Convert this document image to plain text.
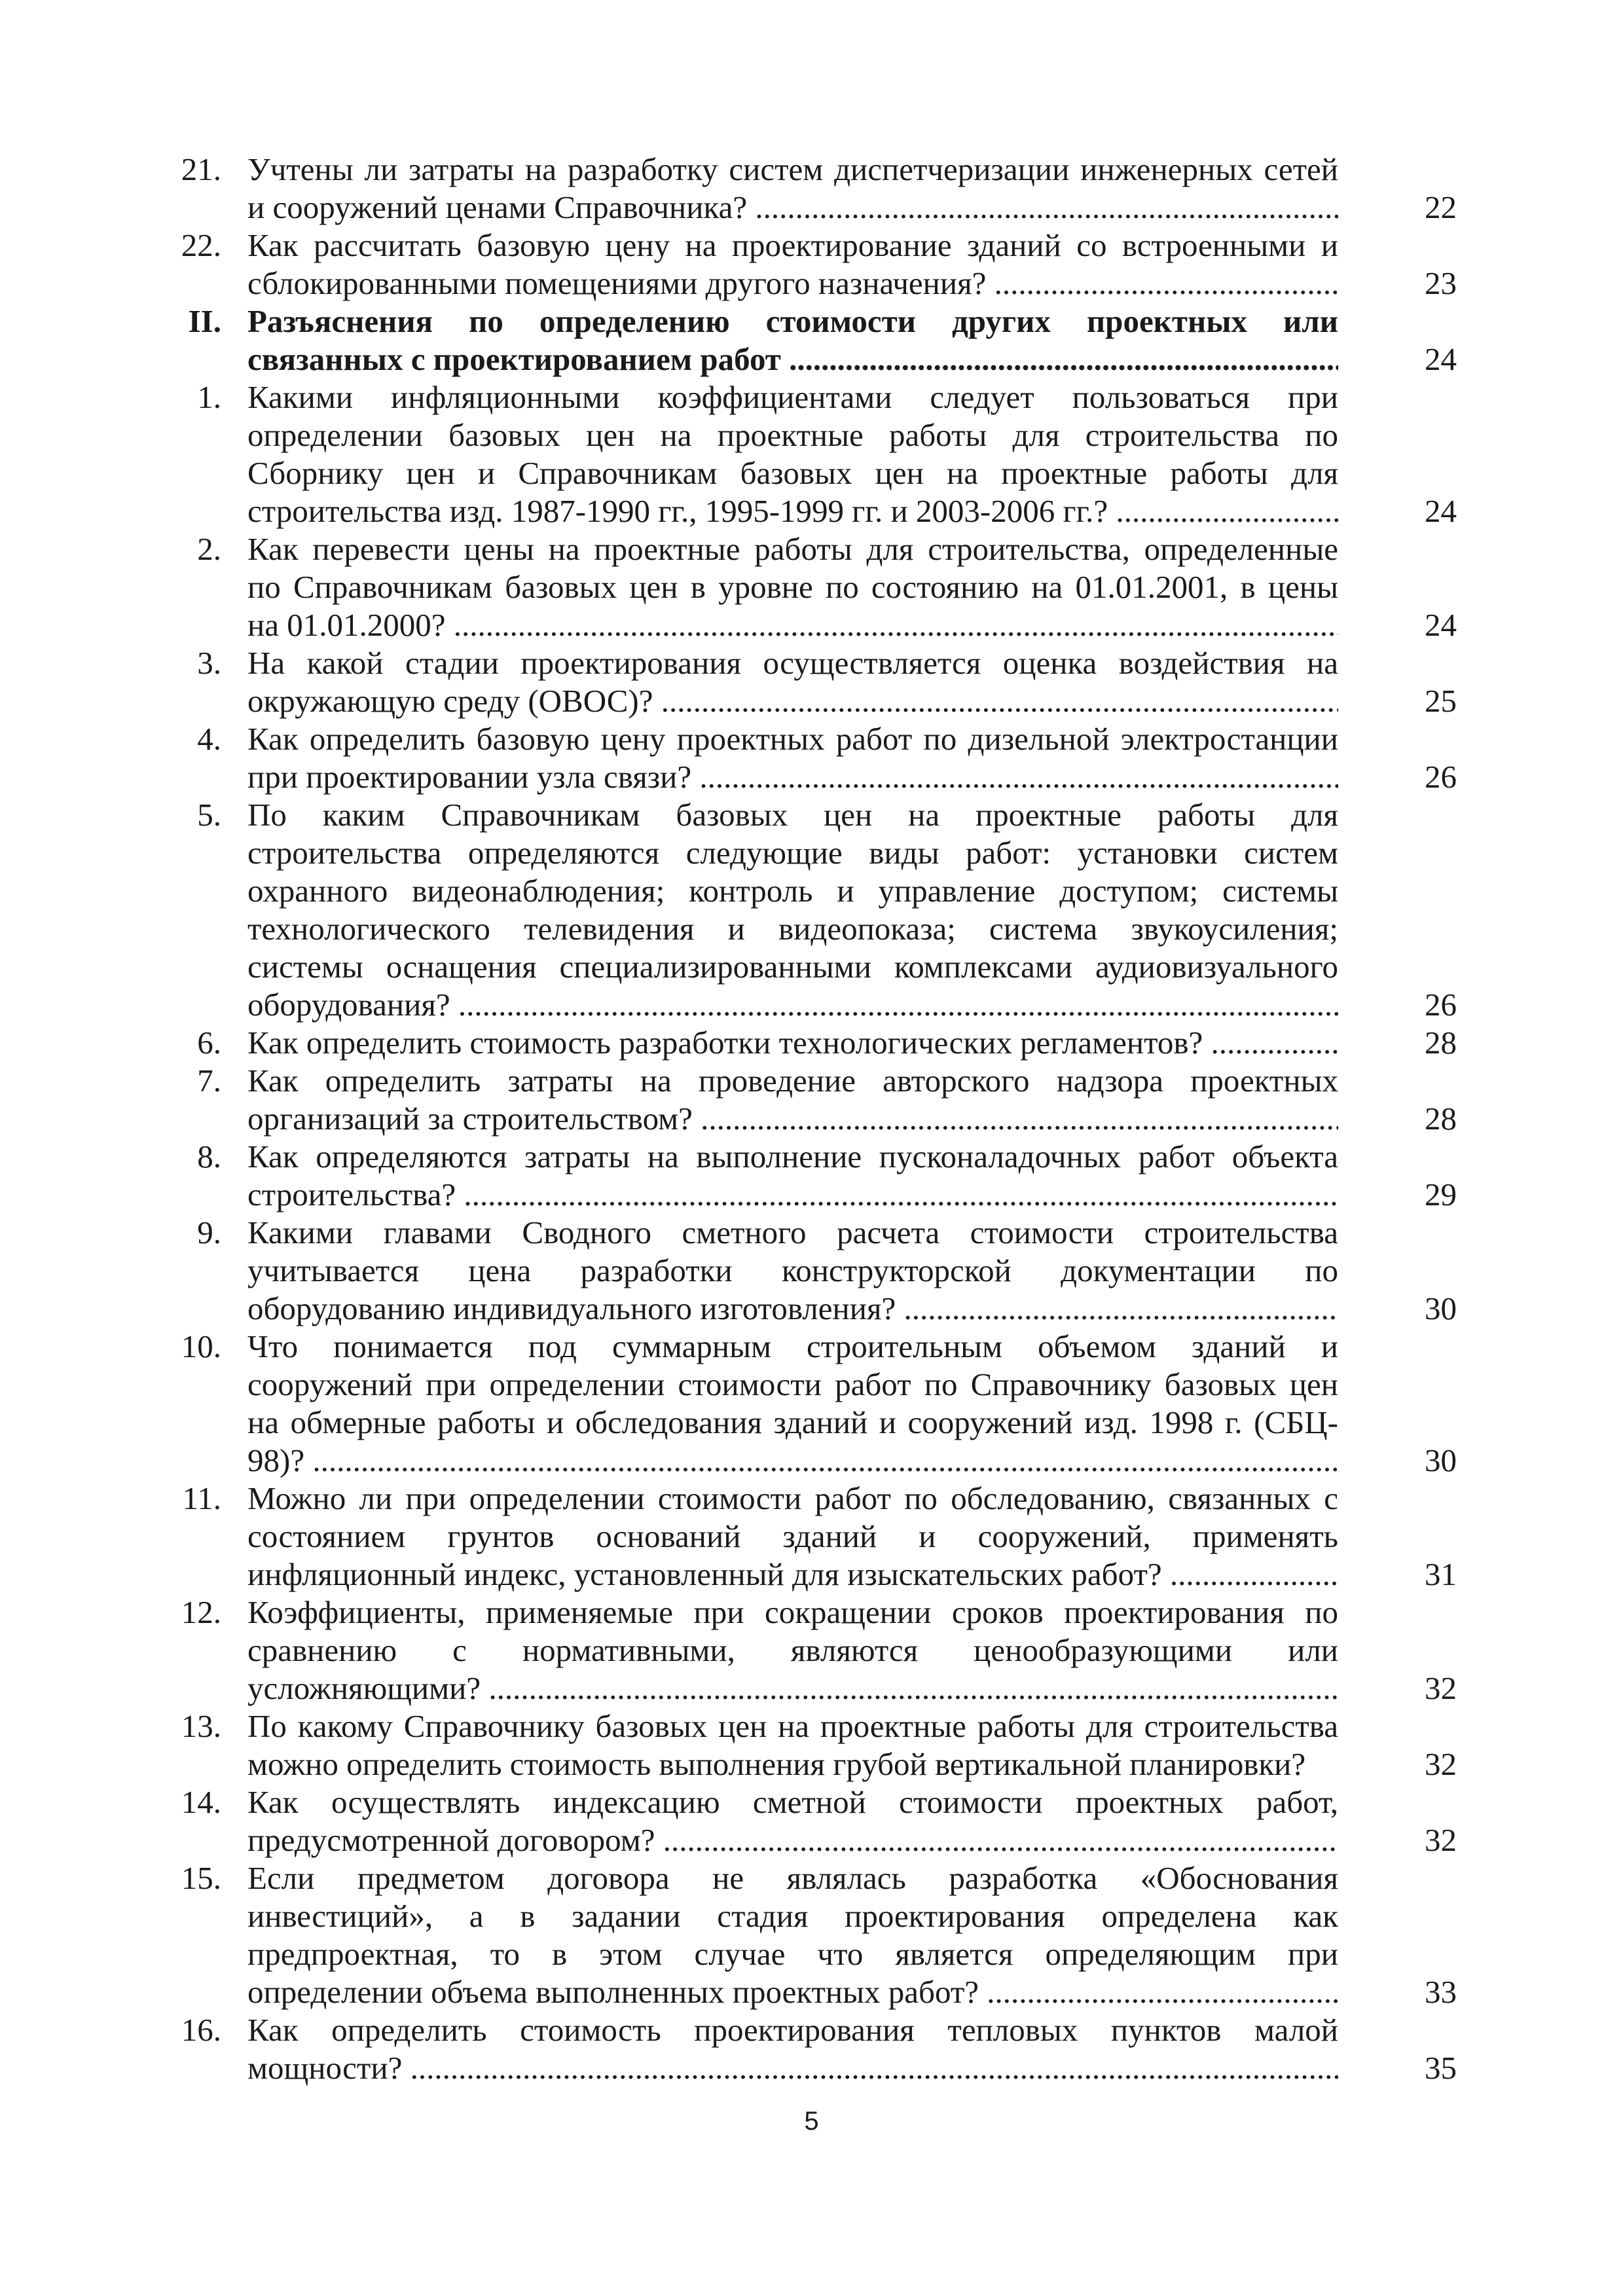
21. Учтены ли затраты на разработку систем диспетчеризации инженерных сетей
и сооружений ценами Справочника? .....	22
22. Как рассчитать базовую цену на проектирование зданий со встроенными и
сблокированными помещениями другого назначения? .....	23
II. Разъяснения по определению стоимости других проектных или
связанных с проектированием работ .....	24
1. Какими инфляционными коэффициентами следует пользоваться при
определении базовых цен на проектные работы для строительства по
Сборнику цен и Справочникам базовых цен на проектные работы для
строительства изд. 1987-1990 гг., 1995-1999 гг. и 2003-2006 гг.? .....	24
2. Как перевести цены на проектные работы для строительства, определенные
по Справочникам базовых цен в уровне по состоянию на 01.01.2001, в цены
на 01.01.2000? .....	24
3. На какой стадии проектирования осуществляется оценка воздействия на
окружающую среду (ОВОС)? .....	25
4. Как определить базовую цену проектных работ по дизельной электростанции
при проектировании узла связи? .....	26
5. По каким Справочникам базовых цен на проектные работы для
строительства определяются следующие виды работ: установки систем
охранного видеонаблюдения; контроль и управление доступом; системы
технологического телевидения и видеопоказа; система звукоусиления;
системы оснащения специализированными комплексами аудиовизуального
оборудования? .....	26
6. Как определить стоимость разработки технологических регламентов? .....	28
7. Как определить затраты на проведение авторского надзора проектных
организаций за строительством? .....	28
8. Как определяются затраты на выполнение пусконаладочных работ объекта
строительства? .....	29
9. Какими главами Сводного сметного расчета стоимости строительства
учитывается цена разработки конструкторской документации по
оборудованию индивидуального изготовления? .....	30
10. Что понимается под суммарным строительным объемом зданий и
сооружений при определении стоимости работ по Справочнику базовых цен
на обмерные работы и обследования зданий и сооружений изд. 1998 г. (СБЦ-
98)? .....	30
11. Можно ли при определении стоимости работ по обследованию, связанных с
состоянием грунтов оснований зданий и сооружений, применять
инфляционный индекс, установленный для изыскательских работ? .....	31
12. Коэффициенты, применяемые при сокращении сроков проектирования по
сравнению с нормативными, являются ценообразующими или
усложняющими? .....	32
13. По какому Справочнику базовых цен на проектные работы для строительства
можно определить стоимость выполнения грубой вертикальной планировки?	32
14. Как осуществлять индексацию сметной стоимости проектных работ,
предусмотренной договором? .....	32
15. Если предметом договора не являлась разработка «Обоснования
инвестиций», а в задании стадия проектирования определена как
предпроектная, то в этом случае что является определяющим при
определении объема выполненных проектных работ? .....	33
16. Как определить стоимость проектирования тепловых пунктов малой
мощности? .....	35
5
